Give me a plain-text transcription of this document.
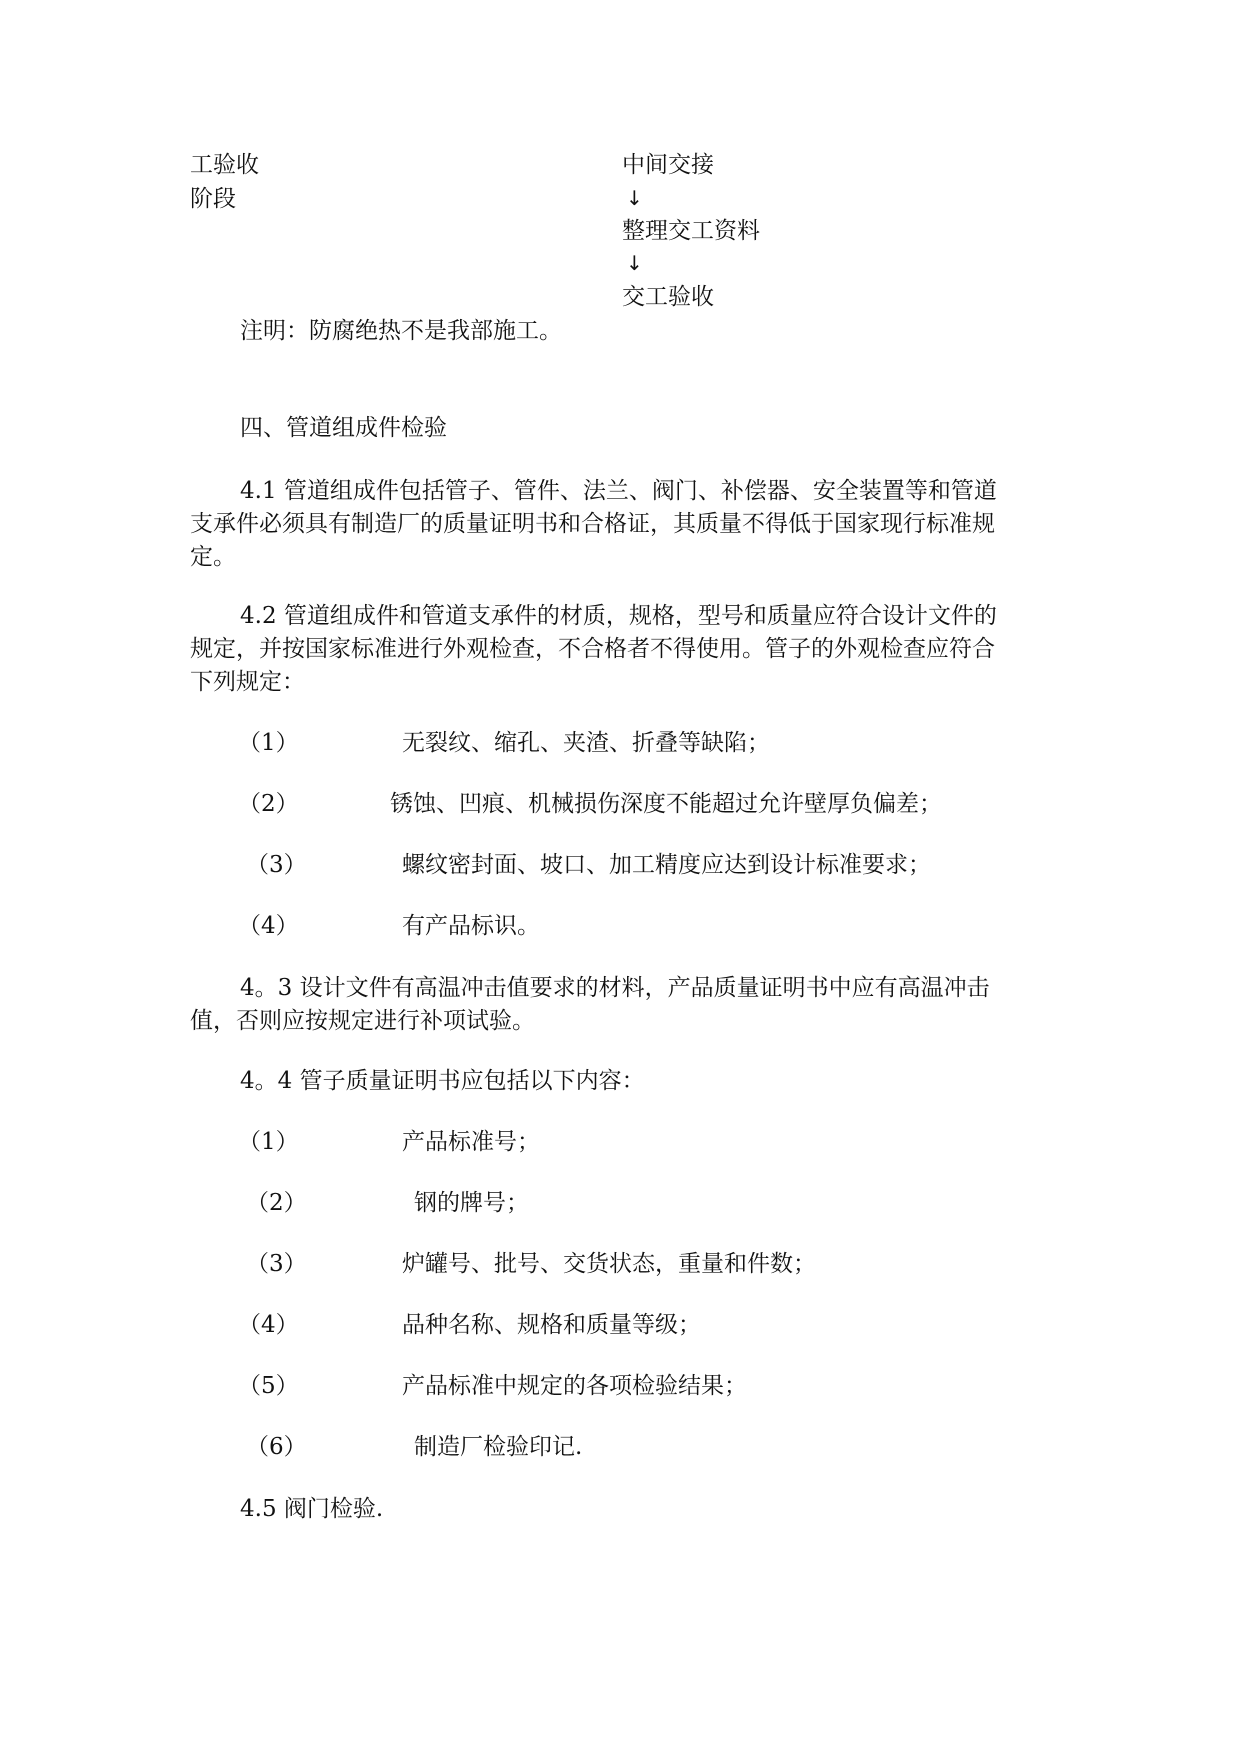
工验收
阶段
中间交接
↓
整理交工资料
↓
交工验收
注明：防腐绝热不是我部施工。
四、管道组成件检验
4.1 管道组成件包括管子、管件、法兰、阀门、补偿器、安全装置等和管道
支承件必须具有制造厂的质量证明书和合格证，其质量不得低于国家现行标准规
定。
4.2 管道组成件和管道支承件的材质，规格，型号和质量应符合设计文件的
规定，并按国家标准进行外观检查，不合格者不得使用。管子的外观检查应符合
下列规定：
（1）	无裂纹、缩孔、夹渣、折叠等缺陷；
（2）	锈蚀、凹痕、机械损伤深度不能超过允许壁厚负偏差；
（3）	螺纹密封面、坡口、加工精度应达到设计标准要求；
（4）	有产品标识。
4。3 设计文件有高温冲击值要求的材料，产品质量证明书中应有高温冲击
值，否则应按规定进行补项试验。
4。4 管子质量证明书应包括以下内容：
（1）	产品标准号；
（2）	钢的牌号；
（3）	炉罐号、批号、交货状态，重量和件数；
（4）	品种名称、规格和质量等级；
（5）	产品标准中规定的各项检验结果；
（6）	制造厂检验印记.
4.5 阀门检验.
